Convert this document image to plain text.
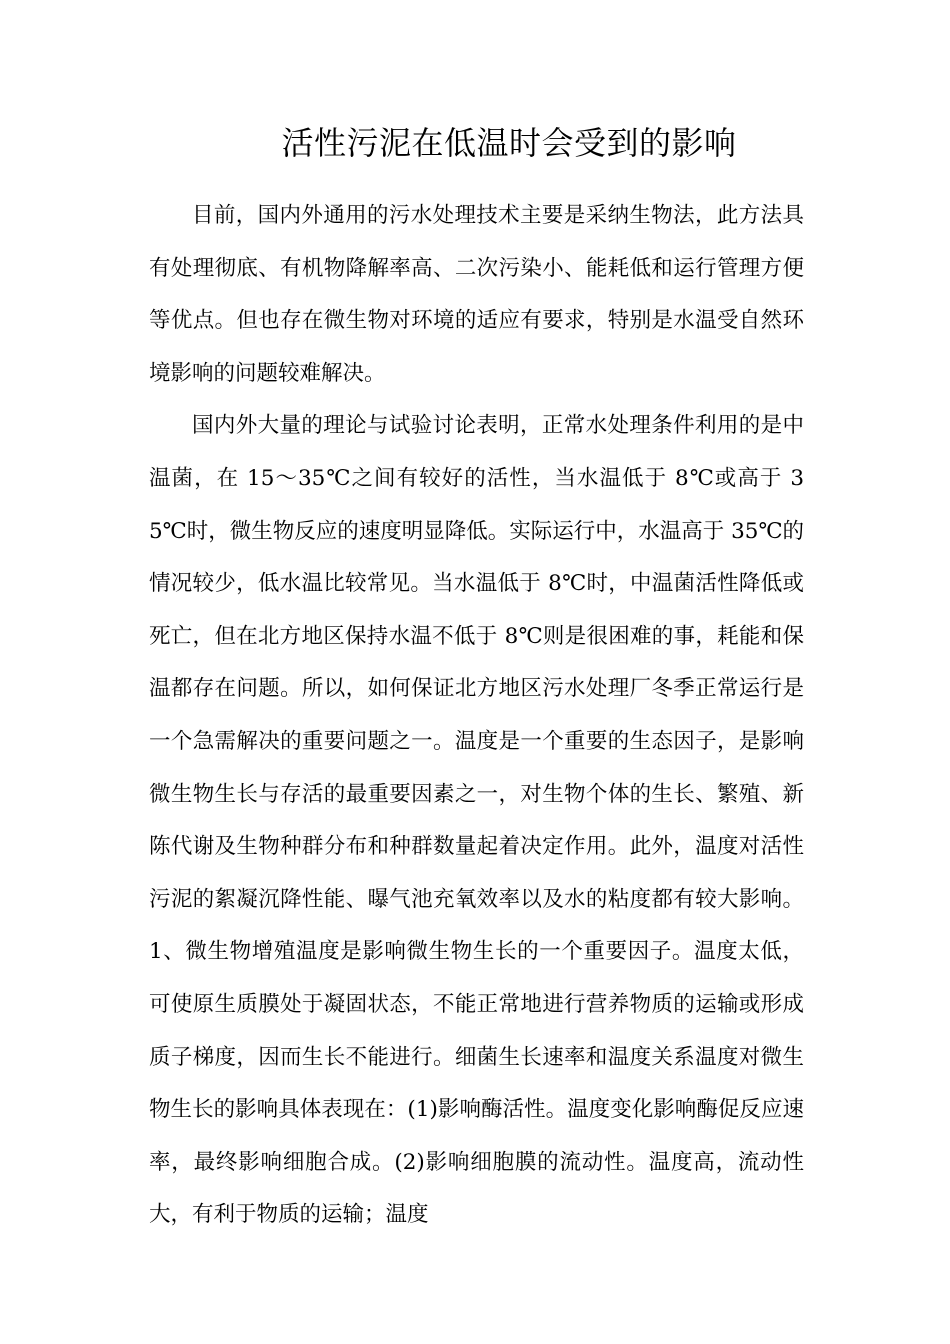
活性污泥在低温时会受到的影响

目前，国内外通用的污水处理技术主要是采纳生物法，此方法具有处理彻底、有机物降解率高、二次污染小、能耗低和运行管理方便等优点。但也存在微生物对环境的适应有要求，特别是水温受自然环境影响的问题较难解决。

国内外大量的理论与试验讨论表明，正常水处理条件利用的是中温菌，在 15～35℃之间有较好的活性，当水温低于 8℃或高于 35℃时，微生物反应的速度明显降低。实际运行中，水温高于 35℃的情况较少，低水温比较常见。当水温低于 8℃时，中温菌活性降低或死亡，但在北方地区保持水温不低于 8℃则是很困难的事，耗能和保温都存在问题。所以，如何保证北方地区污水处理厂冬季正常运行是一个急需解决的重要问题之一。温度是一个重要的生态因子，是影响微生物生长与存活的最重要因素之一，对生物个体的生长、繁殖、新陈代谢及生物种群分布和种群数量起着决定作用。此外，温度对活性污泥的絮凝沉降性能、曝气池充氧效率以及水的粘度都有较大影响。1、微生物增殖温度是影响微生物生长的一个重要因子。温度太低，可使原生质膜处于凝固状态，不能正常地进行营养物质的运输或形成质子梯度，因而生长不能进行。细菌生长速率和温度关系温度对微生物生长的影响具体表现在：(1)影响酶活性。温度变化影响酶促反应速率，最终影响细胞合成。(2)影响细胞膜的流动性。温度高，流动性大，有利于物质的运输；温度
